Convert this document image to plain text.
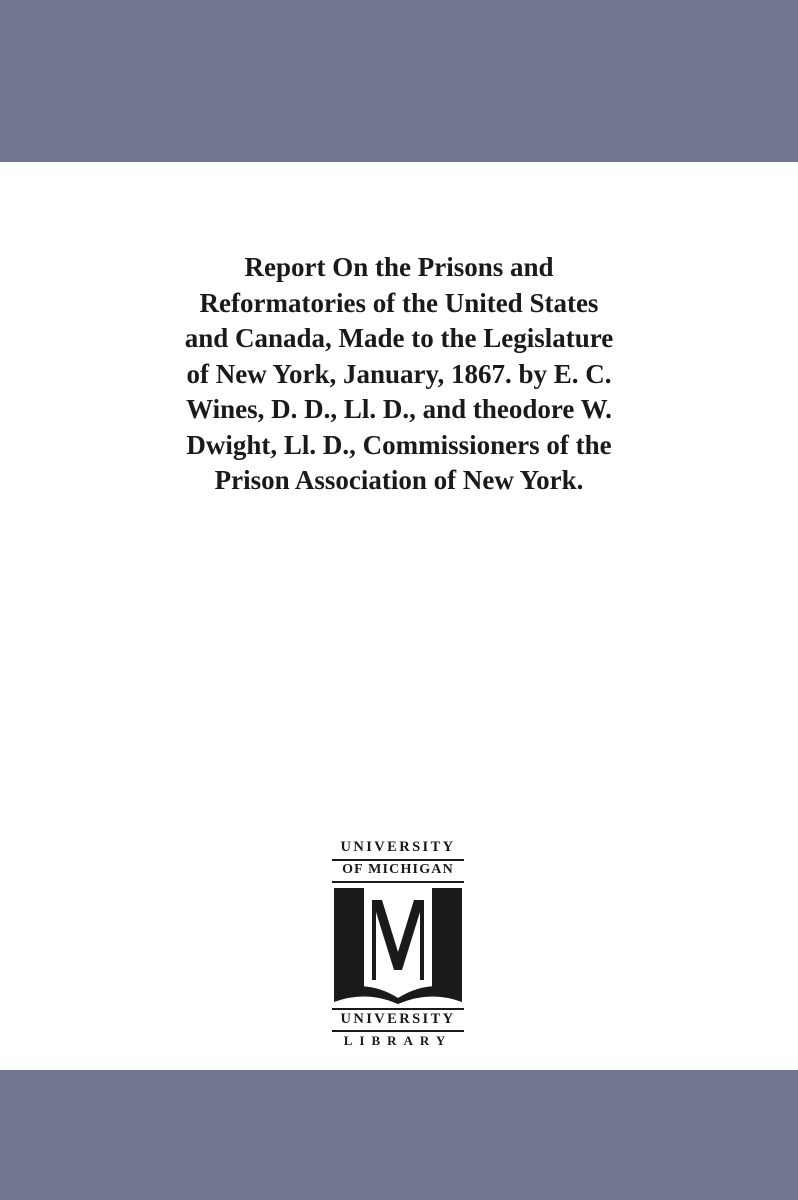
Report On the Prisons and
Reformatories of the United States
and Canada, Made to the Legislature
of New York, January, 1867. by E. C.
Wines, D. D., Ll. D., and theodore W.
Dwight, Ll. D., Commissioners of the
Prison Association of New York.
UNIVERSITY
OF MICHIGAN
UNIVERSITY
LIBRARY
